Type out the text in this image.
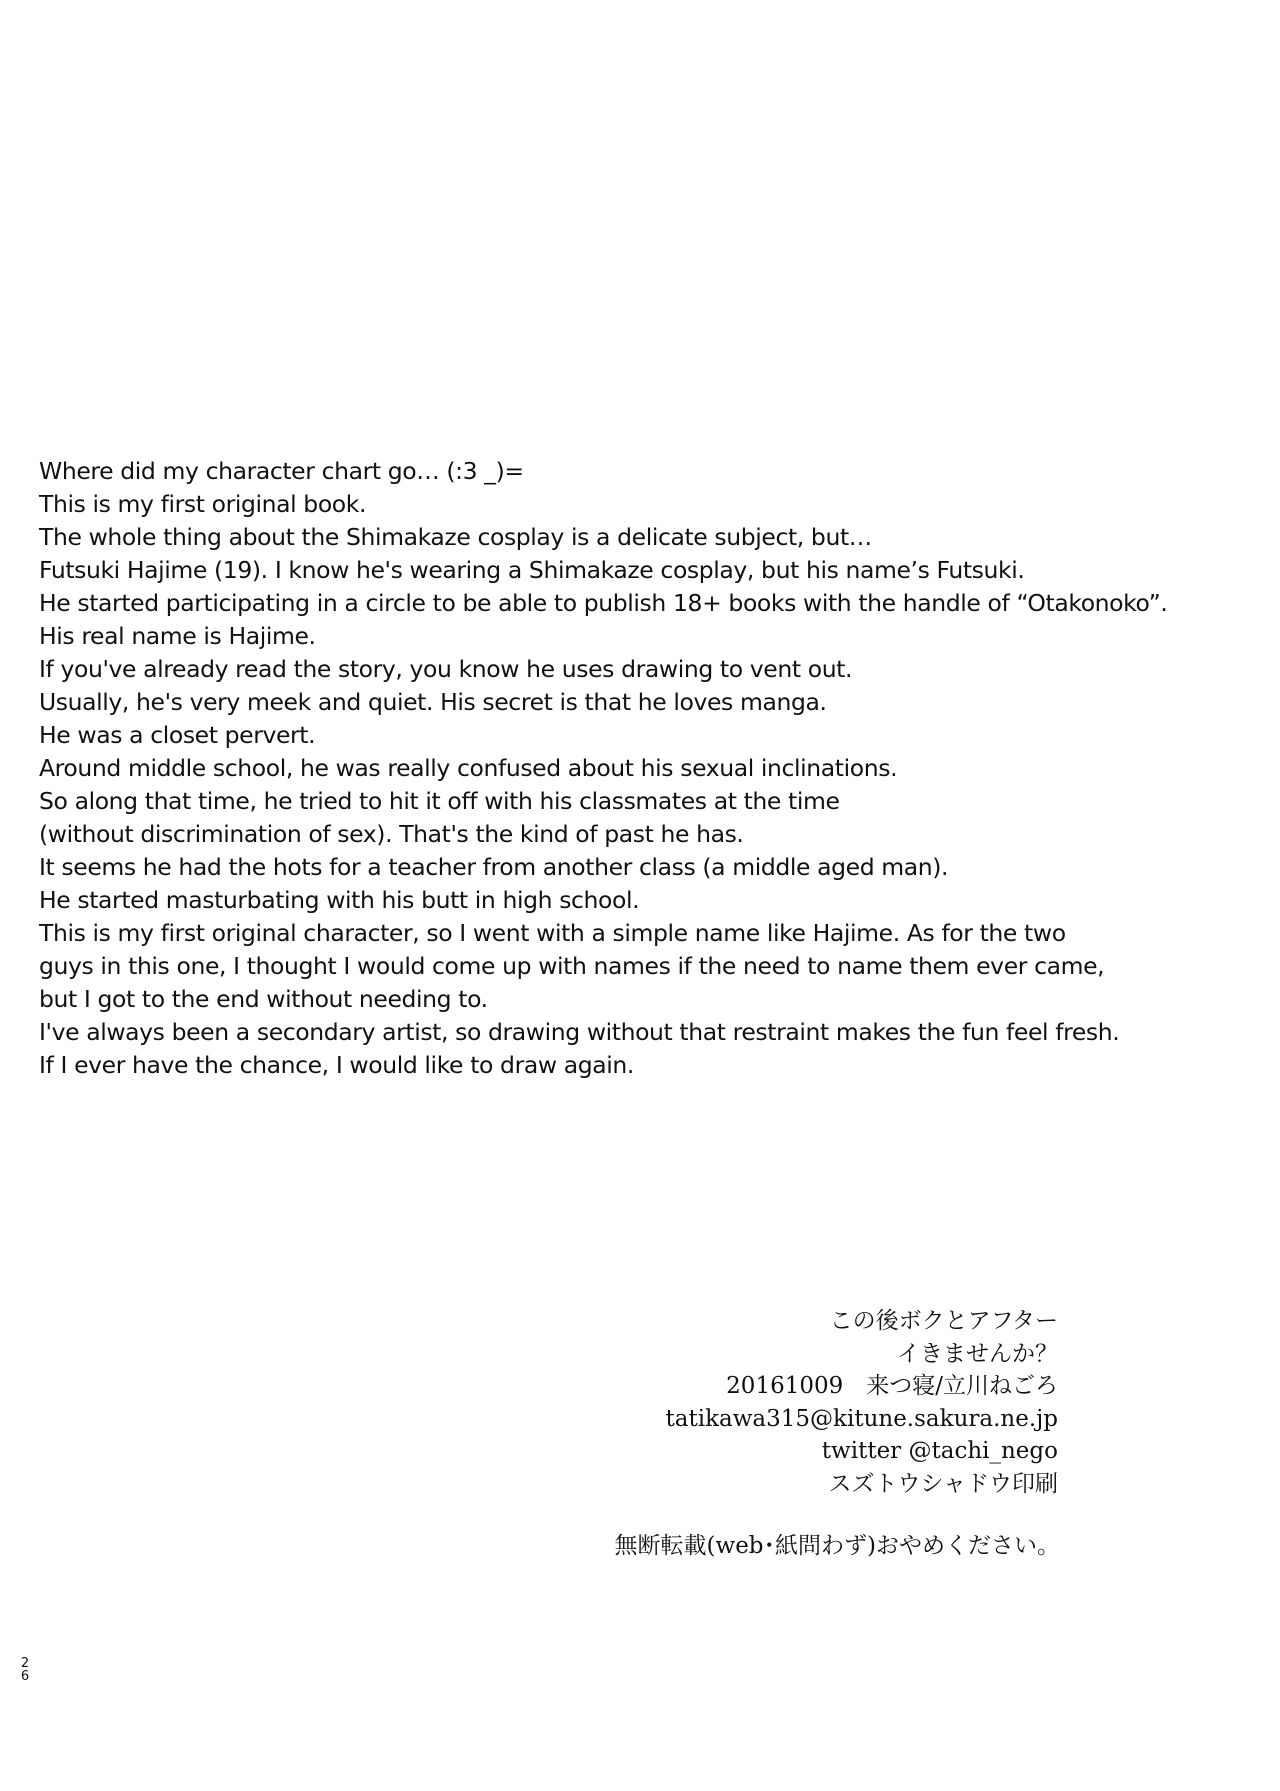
Where did my character chart go… (:3 _)=
This is my first original book.
The whole thing about the Shimakaze cosplay is a delicate subject, but…
Futsuki Hajime (19). I know he's wearing a Shimakaze cosplay, but his name’s Futsuki.
He started participating in a circle to be able to publish 18+ books with the handle of “Otakonoko”.
His real name is Hajime.
If you've already read the story, you know he uses drawing to vent out.
Usually, he's very meek and quiet. His secret is that he loves manga.
He was a closet pervert.
Around middle school, he was really confused about his sexual inclinations.
So along that time, he tried to hit it off with his classmates at the time
(without discrimination of sex). That's the kind of past he has.
It seems he had the hots for a teacher from another class (a middle aged man).
He started masturbating with his butt in high school.
This is my first original character, so I went with a simple name like Hajime. As for the two
guys in this one, I thought I would come up with names if the need to name them ever came,
but I got to the end without needing to.
I've always been a secondary artist, so drawing without that restraint makes the fun feel fresh.
If I ever have the chance, I would like to draw again.
この後ボクとアフター
イきませんか？
20161009　来つ寝/立川ねごろ
tatikawa315@kitune.sakura.ne.jp
twitter @tachi_nego
スズトウシャドウ印刷
無断転載(web･紙問わず)おやめください。
2
6
